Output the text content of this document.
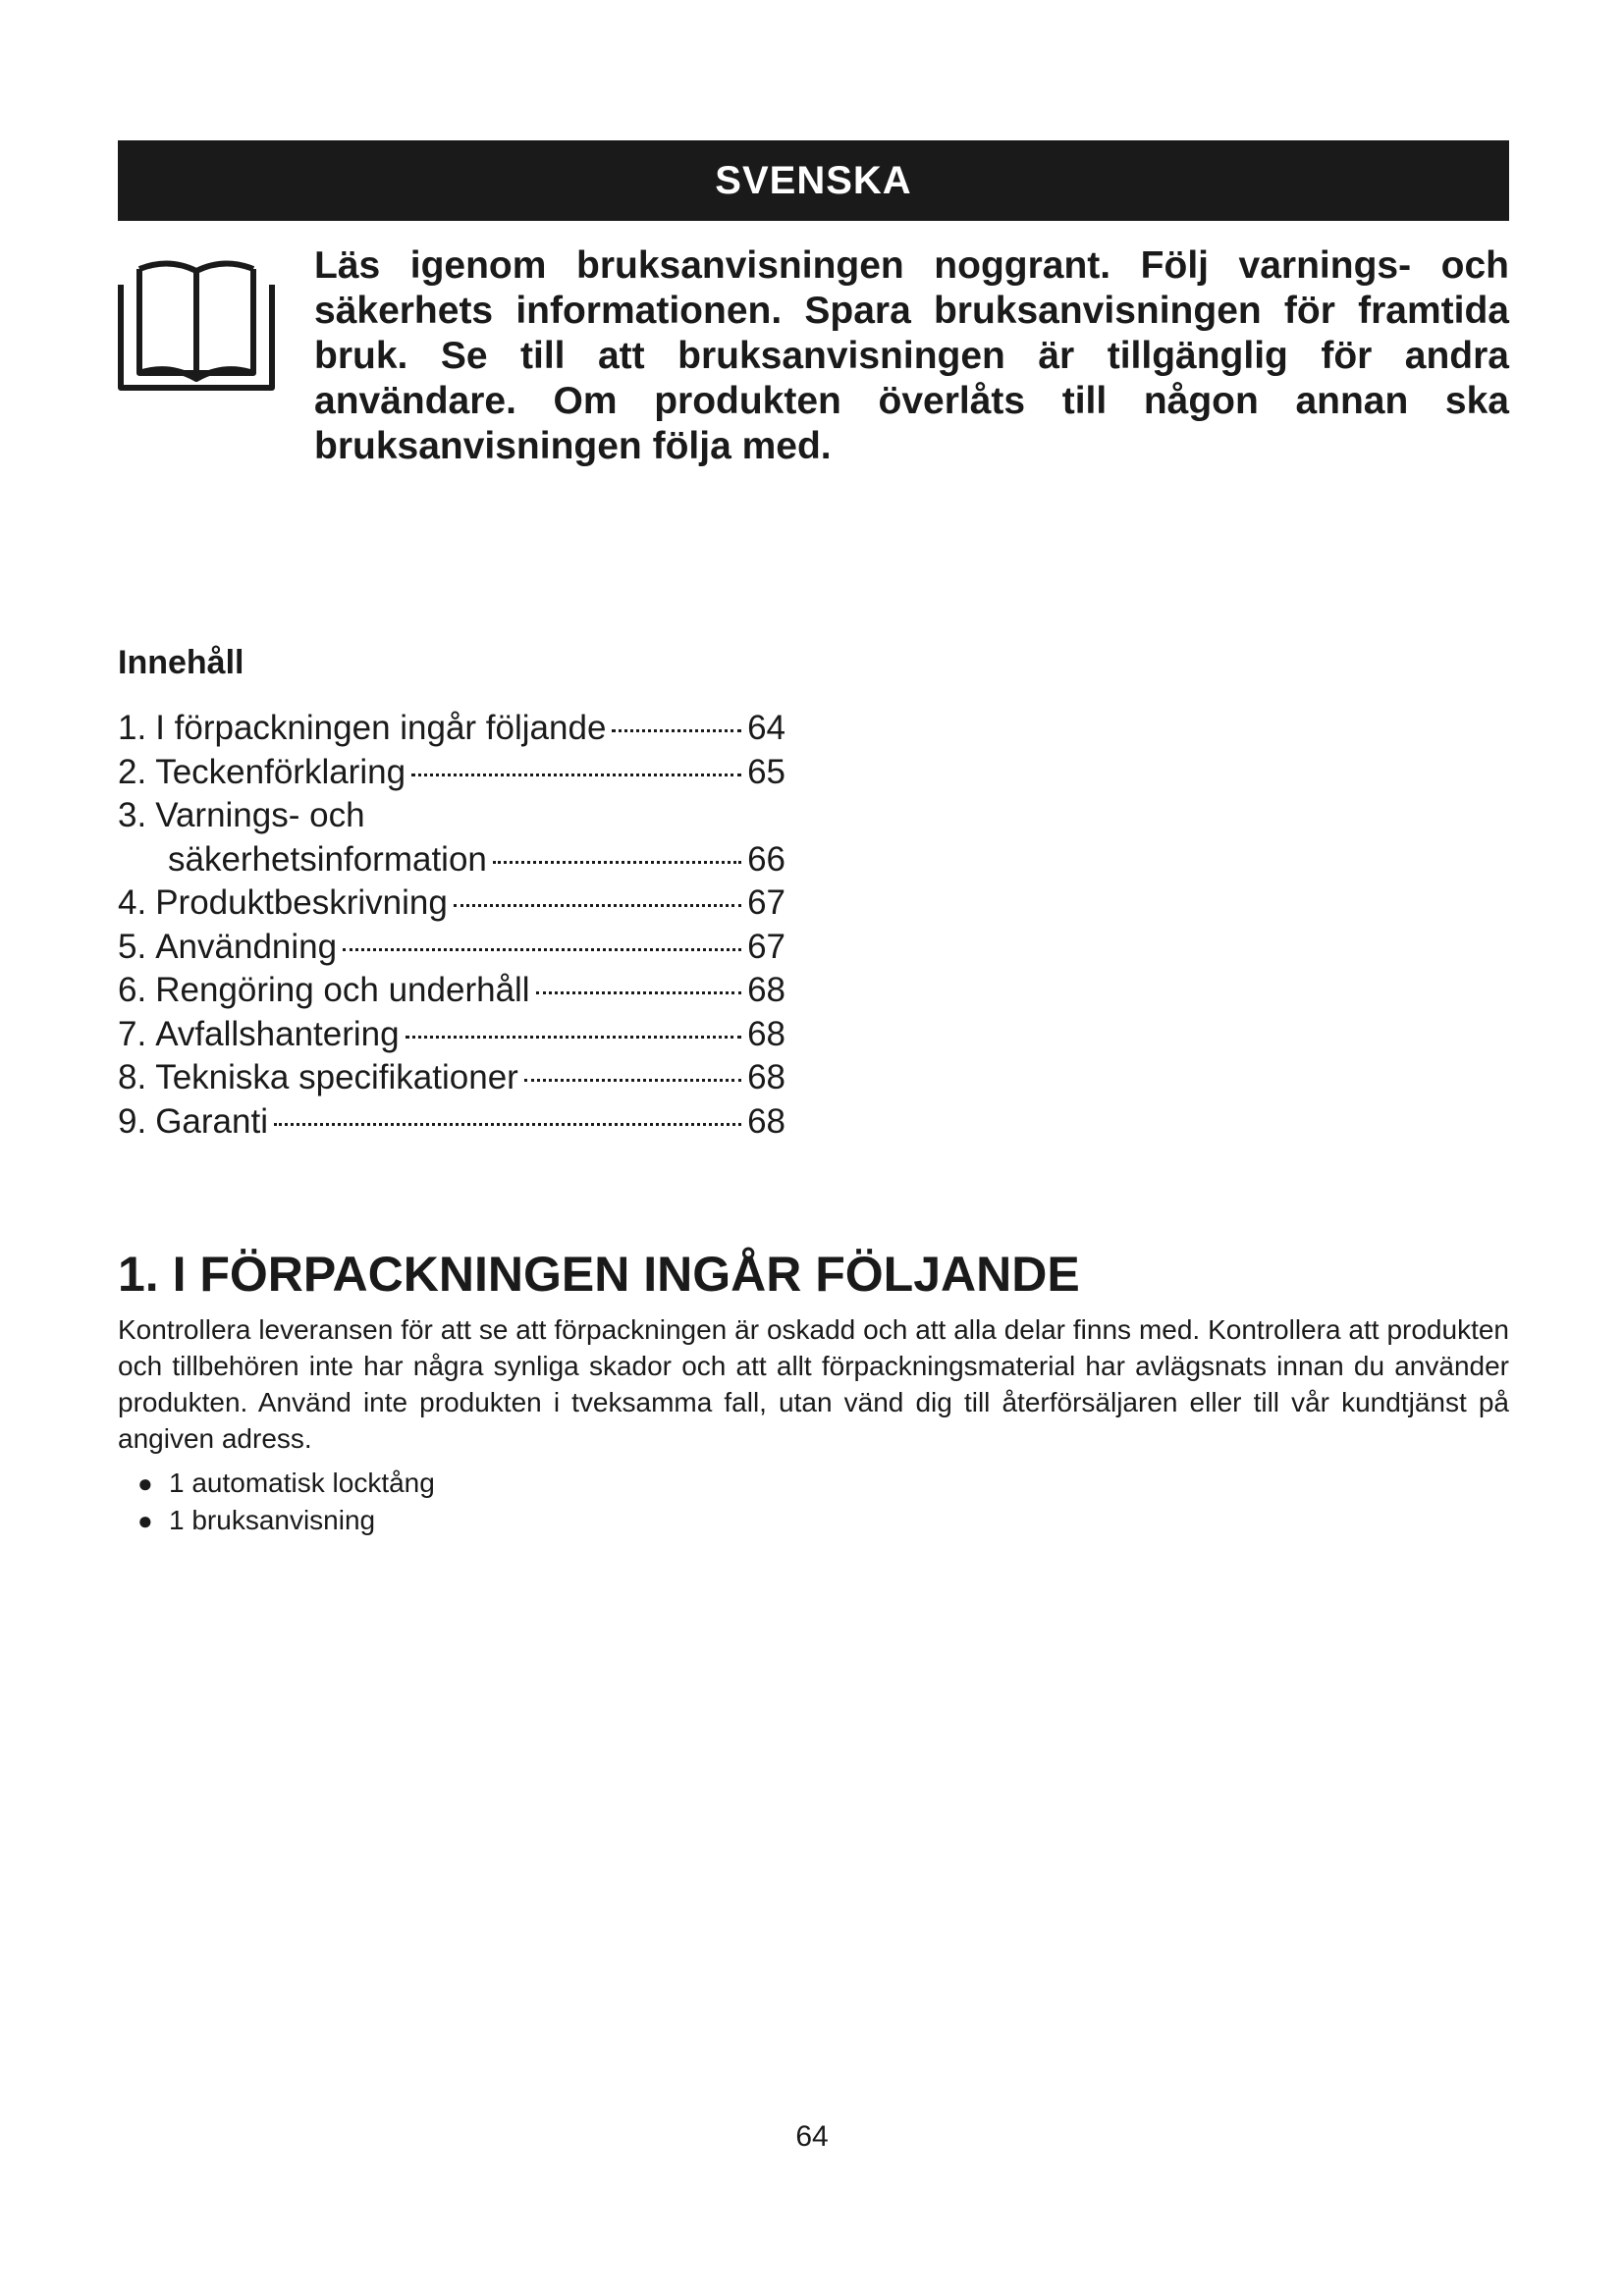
SVENSKA
Läs igenom bruksanvisningen noggrant. Följ varnings- och säkerhets informationen. Spara bruksanvisningen för framtida bruk. Se till att bruksanvisningen är tillgänglig för andra användare. Om produkten överlåts till någon annan ska bruksanvisningen följa med.
Innehåll
1. I förpackningen ingår följande	64
2. Teckenförklaring	65
3. Varnings- och
säkerhetsinformation	66
4. Produktbeskrivning	67
5. Användning	67
6. Rengöring och underhåll	68
7. Avfallshantering	68
8. Tekniska specifikationer	68
9. Garanti	68
1. I FÖRPACKNINGEN INGÅR FÖLJANDE

Kontrollera leveransen för att se att förpackningen är oskadd och att alla delar finns med. Kontrollera att produkten och tillbehören inte har några synliga skador och att allt förpackningsmaterial har avlägsnats innan du använder produkten. Använd inte produkten i tveksamma fall, utan vänd dig till återförsäljaren eller till vår kundtjänst på angiven adress.

● 1 automatisk locktång
● 1 bruksanvisning
64
